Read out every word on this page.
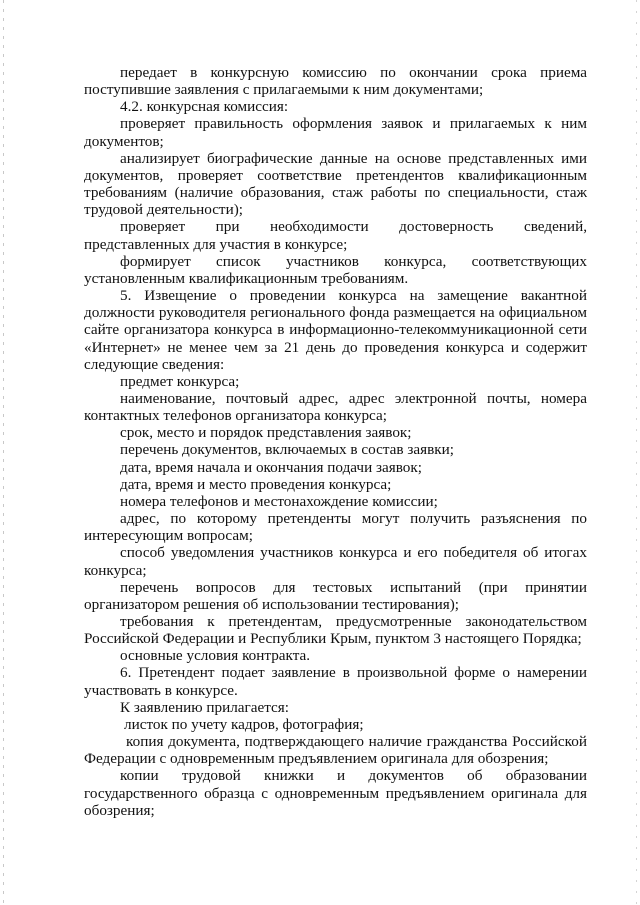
передает в конкурсную комиссию по окончании срока приема поступившие заявления с прилагаемыми к ним документами;

4.2. конкурсная комиссия:

проверяет правильность оформления заявок и прилагаемых к ним документов;

анализирует биографические данные на основе представленных ими документов, проверяет соответствие претендентов квалификационным требованиям (наличие образования, стаж работы по специальности, стаж трудовой деятельности);

проверяет при необходимости достоверность сведений, представленных для участия в конкурсе;

формирует список участников конкурса, соответствующих установленным квалификационным требованиям.

5. Извещение о проведении конкурса на замещение вакантной должности руководителя регионального фонда размещается на официальном сайте организатора конкурса в информационно-телекоммуникационной сети «Интернет» не менее чем за 21 день до проведения конкурса и содержит следующие сведения:

предмет конкурса;

наименование, почтовый адрес, адрес электронной почты, номера контактных телефонов организатора конкурса;

срок, место и порядок представления заявок;

перечень документов, включаемых в состав заявки;

дата, время начала и окончания подачи заявок;

дата, время и место проведения конкурса;

номера телефонов и местонахождение комиссии;

адрес, по которому претенденты могут получить разъяснения по интересующим вопросам;

способ уведомления участников конкурса и его победителя об итогах конкурса;

перечень вопросов для тестовых испытаний (при принятии организатором решения об использовании тестирования);

требования к претендентам, предусмотренные законодательством Российской Федерации и Республики Крым, пунктом 3 настоящего Порядка;

основные условия контракта.

6. Претендент подает заявление в произвольной форме о намерении участвовать в конкурсе.

К заявлению прилагается:

листок по учету кадров, фотография;

копия документа, подтверждающего наличие гражданства Российской Федерации с одновременным предъявлением оригинала для обозрения;

копии трудовой книжки и документов об образовании государственного образца с одновременным предъявлением оригинала для обозрения;
